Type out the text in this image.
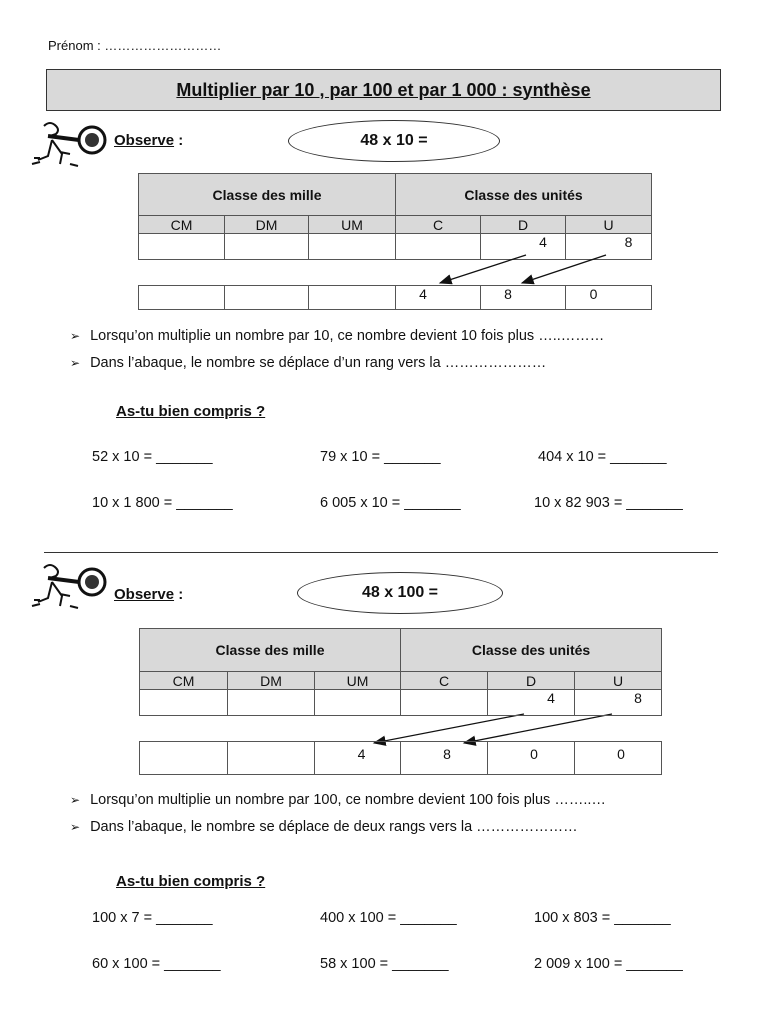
Prénom : ………………………
Multiplier par 10 , par 100 et par 1 000 : synthèse
Observe :	48 x 10 =
Classe des mille			Classe des unités		
CM	DM	UM	C	D	U
				4	8
			4	8	0
➢ Lorsqu’on multiplie un nombre par 10, ce nombre devient 10 fois plus …..………
➢ Dans l’abaque, le nombre se déplace d’un rang vers la …………………
As-tu bien compris ?
52 x 10 = _______	79 x 10 = _______	404 x 10 = _______
10 x 1 800 = _______	6 005 x 10 = _______	10 x 82 903 = _______
Observe :	48 x 100 =
Classe des mille			Classe des unités		
CM	DM	UM	C	D	U
				4	8
		4	8	0	0
➢ Lorsqu’on multiplie un nombre par 100, ce nombre devient 100 fois plus ……..…
➢ Dans l’abaque, le nombre se déplace de deux rangs vers la …………………
As-tu bien compris ?
100 x 7 = _______	400 x 100 = _______	100 x 803 = _______
60 x 100 = _______	58 x 100 = _______	2 009 x 100 = _______
